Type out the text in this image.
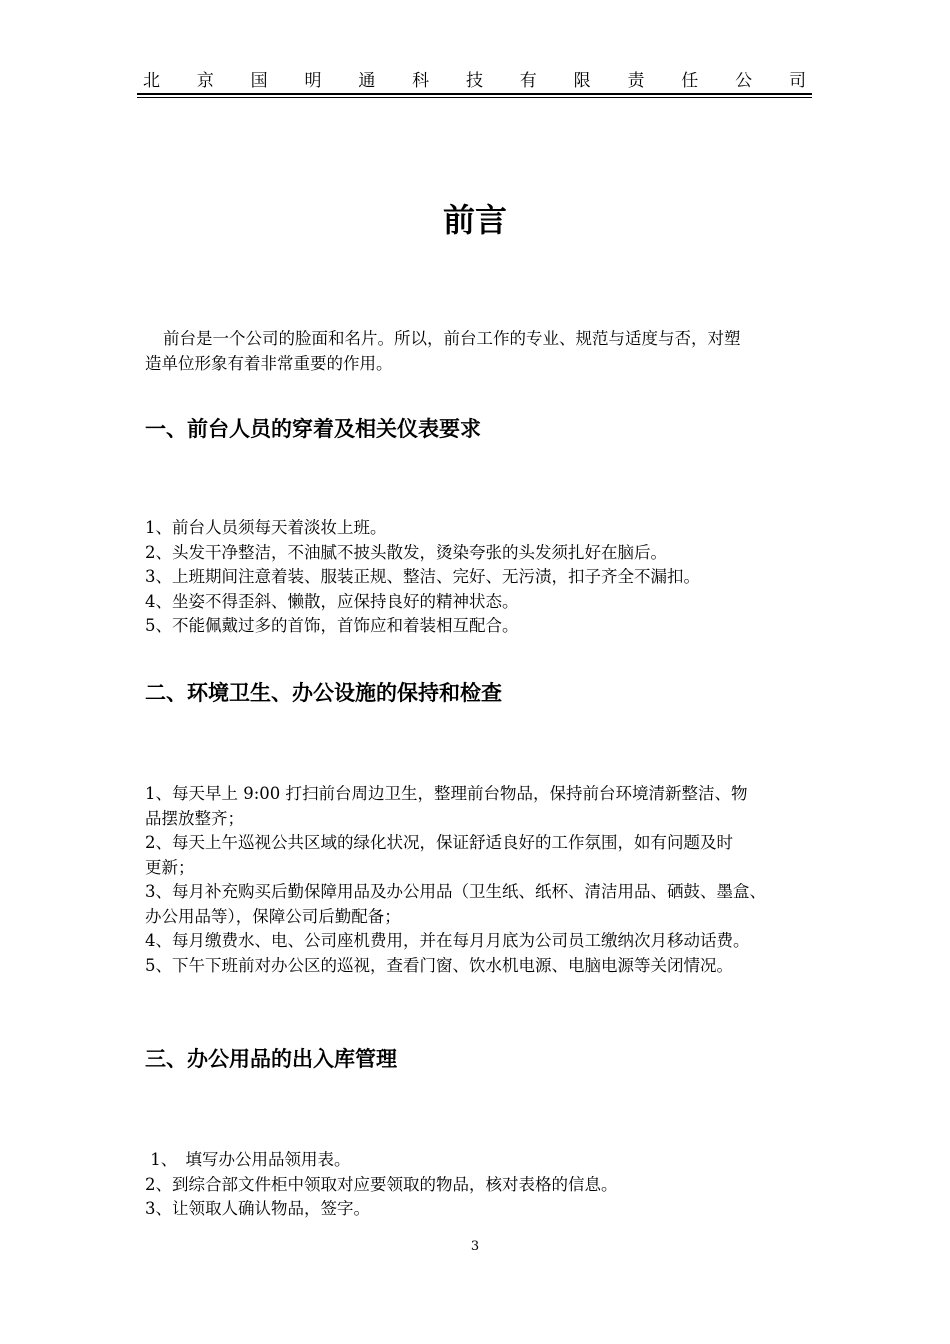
北 京 国 明 通 科 技 有 限 责 任 公 司
前言
前台是一个公司的脸面和名片。所以，前台工作的专业、规范与适度与否，对塑
造单位形象有着非常重要的作用。
一、前台人员的穿着及相关仪表要求
1、前台人员须每天着淡妆上班。
2、头发干净整洁，不油腻不披头散发，烫染夸张的头发须扎好在脑后。
3、上班期间注意着装、服装正规、整洁、完好、无污渍，扣子齐全不漏扣。
4、坐姿不得歪斜、懒散，应保持良好的精神状态。
5、不能佩戴过多的首饰，首饰应和着装相互配合。
二、环境卫生、办公设施的保持和检查
1、每天早上 9:00 打扫前台周边卫生，整理前台物品，保持前台环境清新整洁、物
品摆放整齐；
2、每天上午巡视公共区域的绿化状况，保证舒适良好的工作氛围，如有问题及时
更新；
3、每月补充购买后勤保障用品及办公用品（卫生纸、纸杯、清洁用品、硒鼓、墨盒、
办公用品等），保障公司后勤配备；
4、每月缴费水、电、公司座机费用，并在每月月底为公司员工缴纳次月移动话费。
5、下午下班前对办公区的巡视，查看门窗、饮水机电源、电脑电源等关闭情况。
三、办公用品的出入库管理
1、　填写办公用品领用表。
2、到综合部文件柜中领取对应要领取的物品，核对表格的信息。
3、让领取人确认物品，签字。
3
